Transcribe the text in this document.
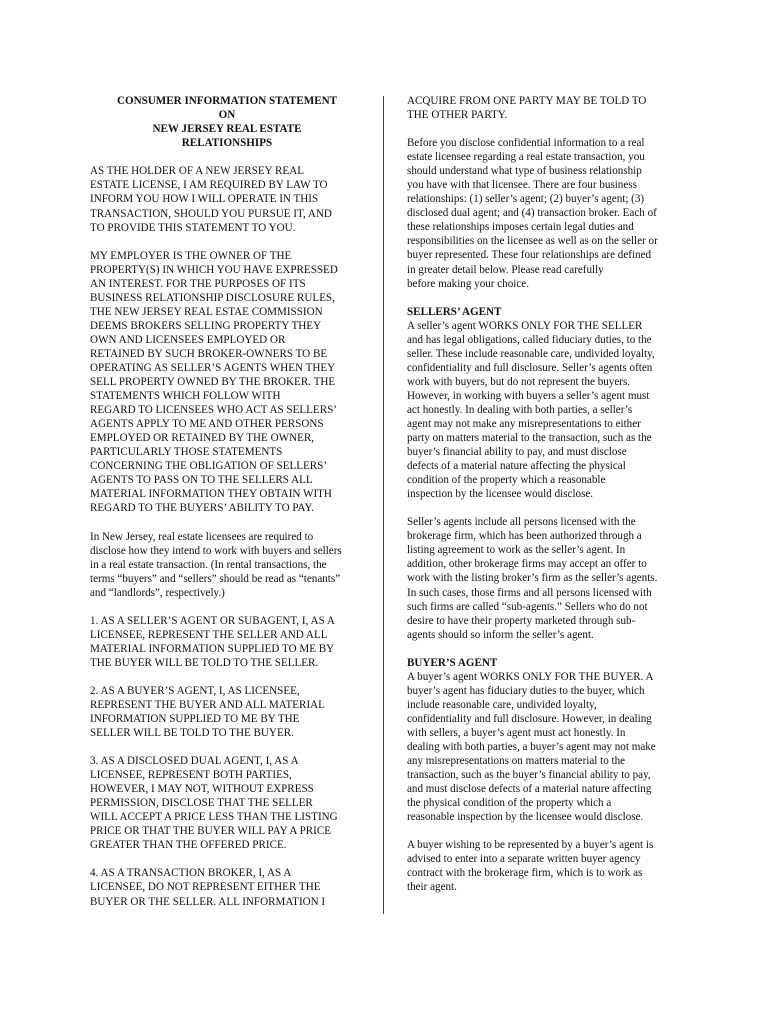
CONSUMER INFORMATION STATEMENT
ON
NEW JERSEY REAL ESTATE
RELATIONSHIPS

AS THE HOLDER OF A NEW JERSEY REAL
ESTATE LICENSE, I AM REQUIRED BY LAW TO
INFORM YOU HOW I WILL OPERATE IN THIS
TRANSACTION, SHOULD YOU PURSUE IT, AND
TO PROVIDE THIS STATEMENT TO YOU.

MY EMPLOYER IS THE OWNER OF THE
PROPERTY(S) IN WHICH YOU HAVE EXPRESSED
AN INTEREST. FOR THE PURPOSES OF ITS
BUSINESS RELATIONSHIP DISCLOSURE RULES,
THE NEW JERSEY REAL ESTAE COMMISSION
DEEMS BROKERS SELLING PROPERTY THEY
OWN AND LICENSEES EMPLOYED OR
RETAINED BY SUCH BROKER-OWNERS TO BE
OPERATING AS SELLER’S AGENTS WHEN THEY
SELL PROPERTY OWNED BY THE BROKER. THE
STATEMENTS WHICH FOLLOW WITH
REGARD TO LICENSEES WHO ACT AS SELLERS’
AGENTS APPLY TO ME AND OTHER PERSONS
EMPLOYED OR RETAINED BY THE OWNER,
PARTICULARLY THOSE STATEMENTS
CONCERNING THE OBLIGATION OF SELLERS’
AGENTS TO PASS ON TO THE SELLERS ALL
MATERIAL INFORMATION THEY OBTAIN WITH
REGARD TO THE BUYERS’ ABILITY TO PAY.

In New Jersey, real estate licensees are required to
disclose how they intend to work with buyers and sellers
in a real estate transaction. (In rental transactions, the
terms “buyers” and “sellers” should be read as “tenants”
and “landlords”, respectively.)

1. AS A SELLER’S AGENT OR SUBAGENT, I, AS A
LICENSEE, REPRESENT THE SELLER AND ALL
MATERIAL INFORMATION SUPPLIED TO ME BY
THE BUYER WILL BE TOLD TO THE SELLER.

2. AS A BUYER’S AGENT, I, AS LICENSEE,
REPRESENT THE BUYER AND ALL MATERIAL
INFORMATION SUPPLIED TO ME BY THE
SELLER WILL BE TOLD TO THE BUYER.

3. AS A DISCLOSED DUAL AGENT, I, AS A
LICENSEE, REPRESENT BOTH PARTIES,
HOWEVER, I MAY NOT, WITHOUT EXPRESS
PERMISSION, DISCLOSE THAT THE SELLER
WILL ACCEPT A PRICE LESS THAN THE LISTING
PRICE OR THAT THE BUYER WILL PAY A PRICE
GREATER THAN THE OFFERED PRICE.

4. AS A TRANSACTION BROKER, I, AS A
LICENSEE, DO NOT REPRESENT EITHER THE
BUYER OR THE SELLER. ALL INFORMATION I

ACQUIRE FROM ONE PARTY MAY BE TOLD TO
THE OTHER PARTY.

Before you disclose confidential information to a real
estate licensee regarding a real estate transaction, you
should understand what type of business relationship
you have with that licensee. There are four business
relationships: (1) seller’s agent; (2) buyer’s agent; (3)
disclosed dual agent; and (4) transaction broker. Each of
these relationships imposes certain legal duties and
responsibilities on the licensee as well as on the seller or
buyer represented. These four relationships are defined
in greater detail below. Please read carefully
before making your choice.

SELLERS’ AGENT

A seller’s agent WORKS ONLY FOR THE SELLER
and has legal obligations, called fiduciary duties, to the
seller. These include reasonable care, undivided loyalty,
confidentiality and full disclosure. Seller’s agents often
work with buyers, but do not represent the buyers.
However, in working with buyers a seller’s agent must
act honestly. In dealing with both parties, a seller’s
agent may not make any misrepresentations to either
party on matters material to the transaction, such as the
buyer’s financial ability to pay, and must disclose
defects of a material nature affecting the physical
condition of the property which a reasonable
inspection by the licensee would disclose.

Seller’s agents include all persons licensed with the
brokerage firm, which has been authorized through a
listing agreement to work as the seller’s agent. In
addition, other brokerage firms may accept an offer to
work with the listing broker’s firm as the seller’s agents.
In such cases, those firms and all persons licensed with
such firms are called “sub-agents.” Sellers who do not
desire to have their property marketed through sub-
agents should so inform the seller’s agent.

BUYER’S AGENT

A buyer’s agent WORKS ONLY FOR THE BUYER. A
buyer’s agent has fiduciary duties to the buyer, which
include reasonable care, undivided loyalty,
confidentiality and full disclosure. However, in dealing
with sellers, a buyer’s agent must act honestly. In
dealing with both parties, a buyer’s agent may not make
any misrepresentations on matters material to the
transaction, such as the buyer’s financial ability to pay,
and must disclose defects of a material nature affecting
the physical condition of the property which a
reasonable inspection by the licensee would disclose.

A buyer wishing to be represented by a buyer’s agent is
advised to enter into a separate written buyer agency
contract with the brokerage firm, which is to work as
their agent.
